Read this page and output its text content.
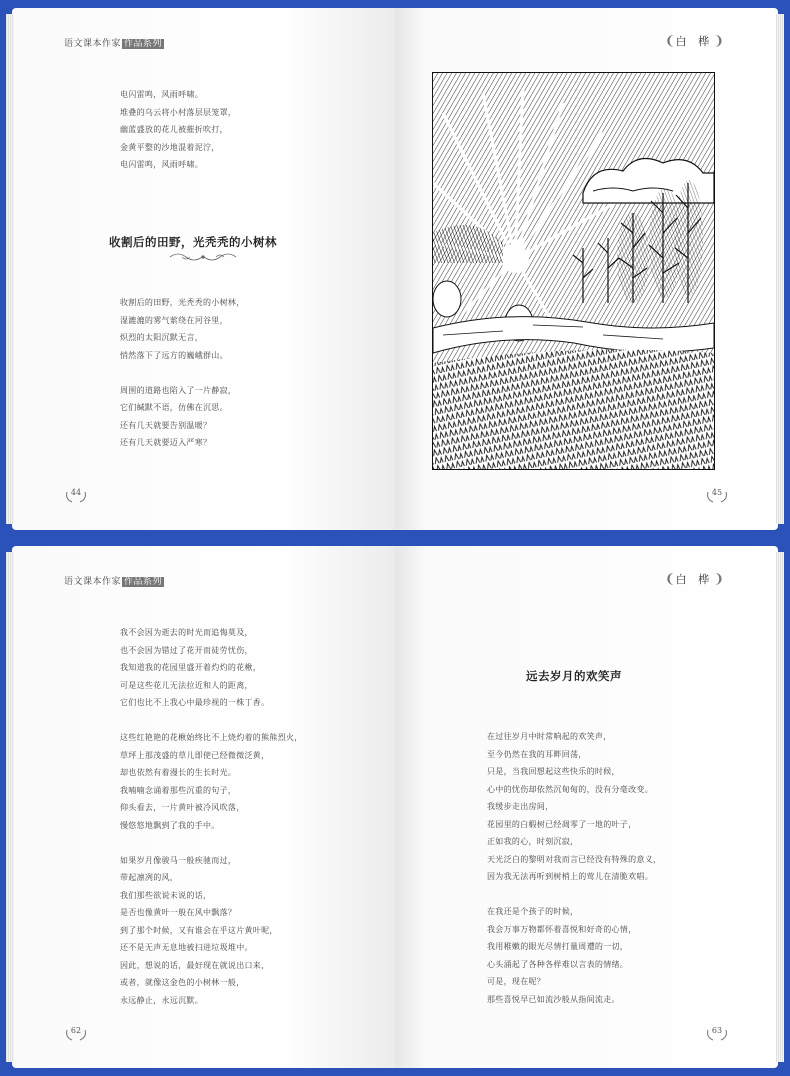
语文课本作家 作品系列
电闪雷鸣，风雨呼啸。
堆叠的乌云将小村落层层笼罩，
幽蓝盛放的花儿被摧折吹打，
金黄平整的沙地混着泥泞，
电闪雷鸣，风雨呼啸。
收割后的田野，光秃秃的小树林
收割后的田野，光秃秃的小树林，
湿漉漉的雾气萦绕在河谷里，
炽烈的太阳沉默无言，
悄然落下了远方的巍峨群山。
周围的道路也陷入了一片静寂，
它们缄默不语，仿佛在沉思。
还有几天就要告别温暖？
还有几天就要迈入严寒？
44
❨白 桦❩
45
语文课本作家 作品系列
我不会因为逝去的时光而追悔莫及，
也不会因为错过了花开而徒劳忧伤，
我知道我的花园里盛开着灼灼的花楸，
可是这些花儿无法拉近和人的距离，
它们也比不上我心中最珍视的一株丁香。
这些红艳艳的花楸始终比不上烧灼着的熊熊烈火，
草坪上那茂盛的草儿即使已经微微泛黄，
却也依然有着漫长的生长时光。
我喃喃念诵着那些沉重的句子，
仰头看去，一片黄叶被冷风吹落，
慢悠悠地飘到了我的手中。
如果岁月像骏马一般疾驰而过，
带起凛冽的风，
我们那些欲说未说的话，
是否也像黄叶一般在风中飘落？
到了那个时候，又有谁会在乎这片黄叶呢，
还不是无声无息地被扫进垃圾堆中。
因此，想说的话，最好现在就说出口来，
或者，就像这金色的小树林一般，
永远静止，永远沉默。
62
❨白 桦❩
远去岁月的欢笑声
在过往岁月中时常响起的欢笑声，
至今仍然在我的耳畔回荡，
只是，当我回想起这些快乐的时候，
心中的忧伤却依然沉甸甸的，没有分毫改变。
我缓步走出房间，
花园里的白椴树已经凋零了一地的叶子，
正如我的心，时刻沉寂，
天光泛白的黎明对我而言已经没有特殊的意义，
因为我无法再听到树梢上的莺儿在清脆欢唱。
在我还是个孩子的时候，
我会万事万物都怀着喜悦和好奇的心情，
我用稚嫩的眼光尽情打量周遭的一切，
心头涌起了各种各样难以言表的情绪。
可是，现在呢？
那些喜悦早已如流沙般从指间流走。
63
